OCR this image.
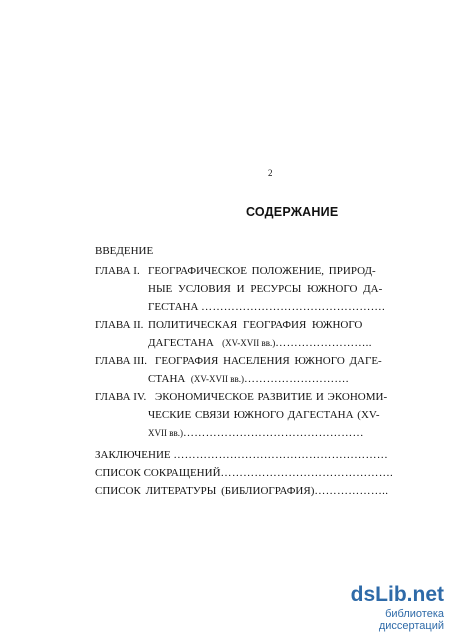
2
СОДЕРЖАНИЕ
ВВЕДЕНИЕ
ГЛАВА I. ГЕОГРАФИЧЕСКОЕ ПОЛОЖЕНИЕ, ПРИРОД-
НЫЕ УСЛОВИЯ И РЕСУРСЫ ЮЖНОГО ДА-
ГЕСТАНА ………………………………………….
ГЛАВА II. ПОЛИТИЧЕСКАЯ ГЕОГРАФИЯ ЮЖНОГО
ДАГЕСТАНА (XV-XVII вв.)……………………..
ГЛАВА III. ГЕОГРАФИЯ НАСЕЛЕНИЯ ЮЖНОГО ДАГЕ-
СТАНА (XV-XVII вв.)……………………….
ГЛАВА IV. ЭКОНОМИЧЕСКОЕ РАЗВИТИЕ И ЭКОНОМИ-
ЧЕСКИЕ СВЯЗИ ЮЖНОГО ДАГЕСТАНА (XV-
XVII вв.)…………………………………………
ЗАКЛЮЧЕНИЕ …………………………………………………
СПИСОК СОКРАЩЕНИЙ……………………………………….
СПИСОК ЛИТЕРАТУРЫ (БИБЛИОГРАФИЯ)………………..
dsLib.net
библиотека диссертаций
